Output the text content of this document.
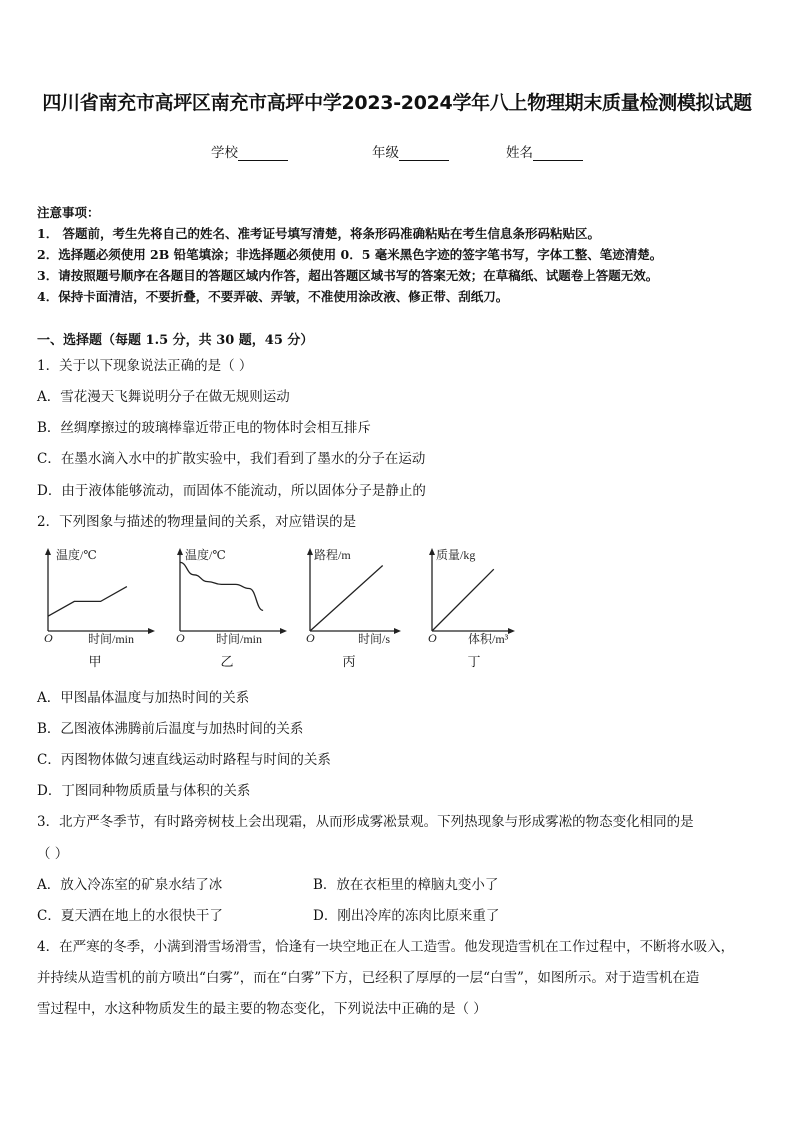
四川省南充市高坪区南充市高坪中学2023-2024学年八上物理期末质量检测模拟试题
学校	年级	姓名
注意事项：
1． 答题前，考生先将自己的姓名、准考证号填写清楚，将条形码准确粘贴在考生信息条形码粘贴区。
2．选择题必须使用 2B 铅笔填涂；非选择题必须使用 0．5 毫米黑色字迹的签字笔书写，字体工整、笔迹清楚。
3．请按照题号顺序在各题目的答题区域内作答，超出答题区域书写的答案无效；在草稿纸、试题卷上答题无效。
4．保持卡面清洁，不要折叠，不要弄破、弄皱，不准使用涂改液、修正带、刮纸刀。
一、选择题（每题 1.5 分，共 30 题，45 分）
1．关于以下现象说法正确的是（ ）
A．雪花漫天飞舞说明分子在做无规则运动
B．丝绸摩擦过的玻璃棒靠近带正电的物体时会相互排斥
C．在墨水滴入水中的扩散实验中，我们看到了墨水的分子在运动
D．由于液体能够流动，而固体不能流动，所以固体分子是静止的
2．下列图象与描述的物理量间的关系，对应错误的是
温度/℃
时间/min
O
甲
温度/℃
时间/min
O
乙
路程/m
时间/s
O
丙
质量/kg
体积/m³
O
丁
A．甲图晶体温度与加热时间的关系
B．乙图液体沸腾前后温度与加热时间的关系
C．丙图物体做匀速直线运动时路程与时间的关系
D．丁图同种物质质量与体积的关系
3．北方严冬季节，有时路旁树枝上会出现霜，从而形成雾凇景观。下列热现象与形成雾凇的物态变化相同的是
（ ）
A．放入冷冻室的矿泉水结了冰	B．放在衣柜里的樟脑丸变小了
C．夏天洒在地上的水很快干了	D．刚出冷库的冻肉比原来重了
4．在严寒的冬季，小满到滑雪场滑雪，恰逢有一块空地正在人工造雪。他发现造雪机在工作过程中，不断将水吸入，
并持续从造雪机的前方喷出“白雾”，而在“白雾”下方，已经积了厚厚的一层“白雪”，如图所示。对于造雪机在造
雪过程中，水这种物质发生的最主要的物态变化，下列说法中正确的是（ ）
